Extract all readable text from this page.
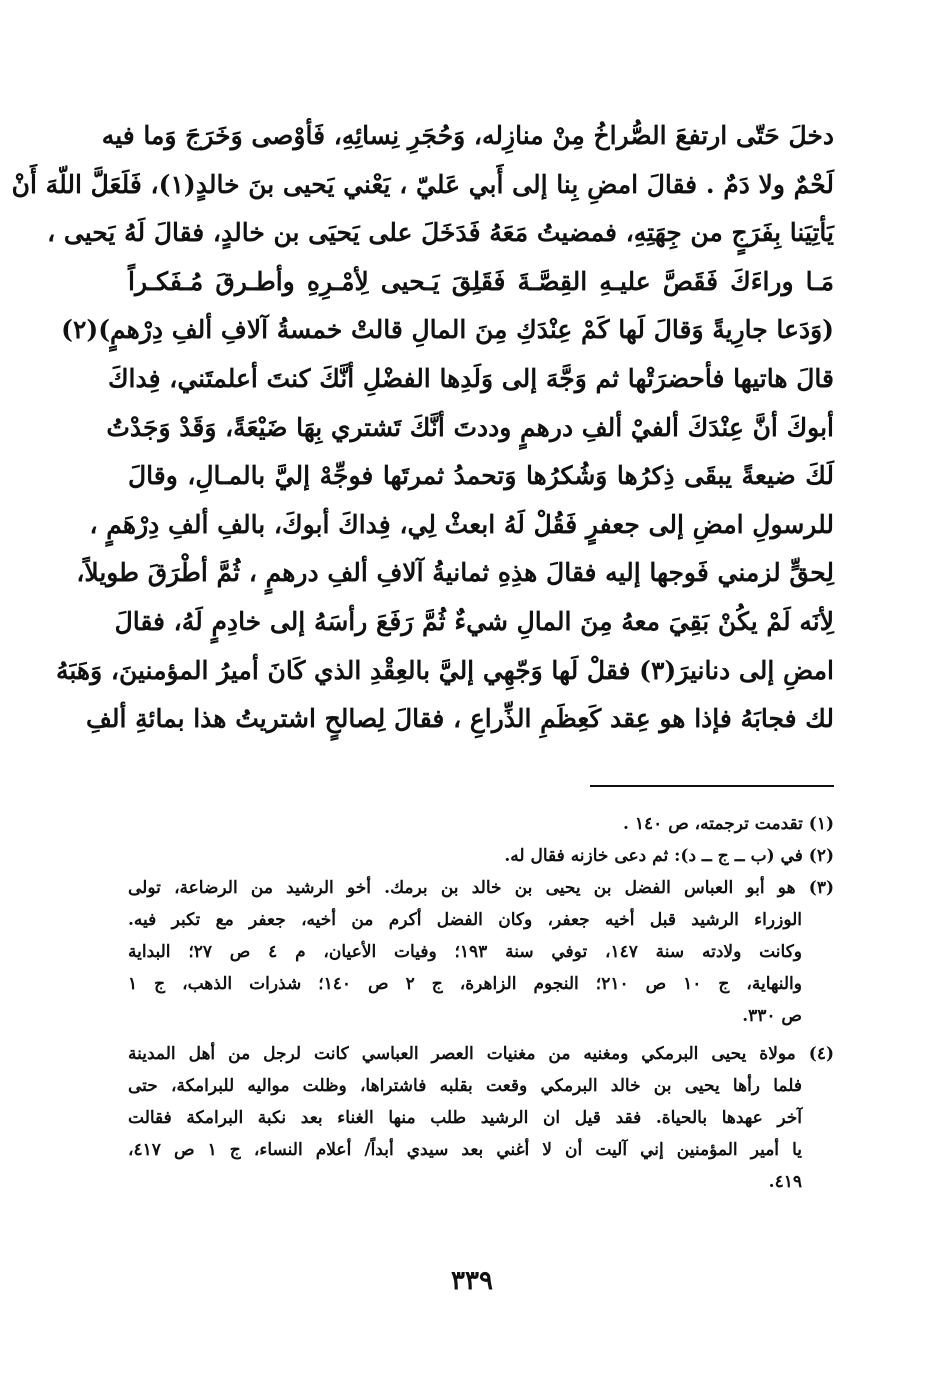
دخلَ حَتّى ارتفعَ الصُّراخُ مِنْ منازِله، وَحُجَرِ نِسائِهِ، فَأوْصى وَخَرَجَ وَما فيه
لَحْمٌ ولا دَمٌ . فقالَ امضِ بِنا إلى أَبي عَليّ ، يَعْني يَحيى بنَ خالدٍ(١)، فَلَعَلَّ اللّهَ أَنْ
يَأتِيَنا بِفَرَجٍ من جِهَتِهِ، فمضيتُ مَعَهُ فَدَخَلَ على يَحيَى بن خالدٍ، فقالَ لَهُ يَحيى ،
مَـا وراءَكَ فَقَصَّ عليـهِ القِصَّـةَ فَقَلِقَ يَـحيى لِأمْـرِهِ وأطـرقَ مُـفَكـراً
(وَدَعا جارِيةً وَقالَ لَها كَمْ عِنْدَكِ مِنَ المالِ قالتْ خمسةُ آلافِ ألفِ دِرْهمٍ)(٢)
قالَ هاتيها فأحضرَتْها ثم وَجَّهَ إلى وَلَدِها الفضْلِ أنَّكَ كنتَ أعلمتَني، فِداكَ
أبوكَ أنَّ عِنْدَكَ ألفيْ ألفِ درهمٍ وددتَ أنَّكَ تَشتري بِهَا ضَيْعَةً، وَقَدْ وَجَدْتُ
لَكَ ضيعةً يبقَى ذِكرُها وَشُكرُها وَتحمدُ ثمرتَها فوجِّهْ إليَّ بالمـالِ، وقالَ
للرسولِ امضِ إلى جعفرٍ فَقُلْ لَهُ ابعثْ لِي، فِداكَ أبوكَ، بالفِ ألفِ دِرْهَمٍ ،
لِحقٍّ لزمني فَوجها إليه فقالَ هذِهِ ثمانيةُ آلافِ ألفِ درهمٍ ، ثُمَّ أطْرَقَ طويلاً،
لِأنَه لَمْ يكُنْ بَقِيَ معهُ مِنَ المالِ شيءٌ ثُمَّ رَفَعَ رأسَهُ إلى خادِمٍ لَهُ، فقالَ
امضِ إلى دنانيرَ(٣) فقلْ لَها وَجّهِي إليَّ بالعِقْدِ الذي كَانَ أميرُ المؤمنينَ، وَهَبَهُ
لك فجابَهُ فإذا هو عِقد كَعِظَمِ الذِّراعِ ، فقالَ لِصالحٍ اشتريتُ هذا بمائةِ ألفِ
(١) تقدمت ترجمته، ص ١٤٠ .
(٢) في (ب ــ ج ــ د): ثم دعى خازنه فقال له.
(٣) هو أبو العباس الفضل بن يحيى بن خالد بن برمك. أخو الرشيد من الرضاعة، تولى
الوزراء الرشيد قبل أخيه جعفر، وكان الفضل أكرم من أخيه، جعفر مع تكبر فيه.
وكانت ولادته سنة ١٤٧، توفي سنة ١٩٣؛ وفيات الأعيان، م ٤ ص ٢٧؛ البداية
والنهاية، ج ١٠ ص ٢١٠؛ النجوم الزاهرة، ج ٢ ص ١٤٠؛ شذرات الذهب، ج ١
ص ٣٣٠.
(٤) مولاة يحيى البرمكي ومغنيه من مغنيات العصر العباسي كانت لرجل من أهل المدينة
فلما رأها يحيى بن خالد البرمكي وقعت بقلبه فاشتراها، وظلت مواليه للبرامكة، حتى
آخر عهدها بالحياة. فقد قيل ان الرشيد طلب منها الغناء بعد نكبة البرامكة فقالت
يا أمير المؤمنين إني آليت أن لا أغني بعد سيدي أبداً/ أعلام النساء، ج ١ ص ٤١٧،
٤١٩.
٣٣٩
